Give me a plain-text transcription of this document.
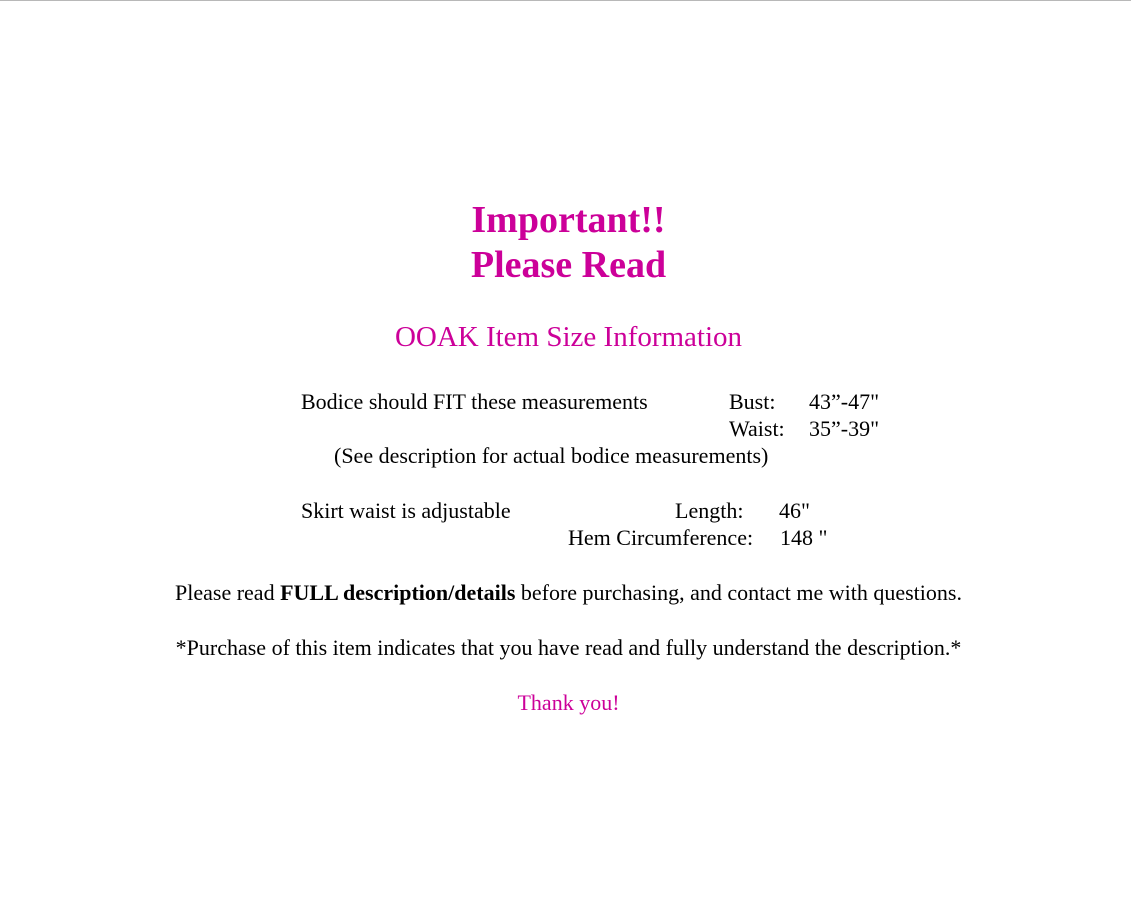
Important!!
Please Read
OOAK Item Size Information
Bodice should FIT these measurements	Bust: 43”-47"
Waist: 35”-39"
(See description for actual bodice measurements)
Skirt waist is adjustable	Length: 46"
Hem Circumference: 148 "
Please read FULL description/details before purchasing, and contact me with questions.
*Purchase of this item indicates that you have read and fully understand the description.*
Thank you!
